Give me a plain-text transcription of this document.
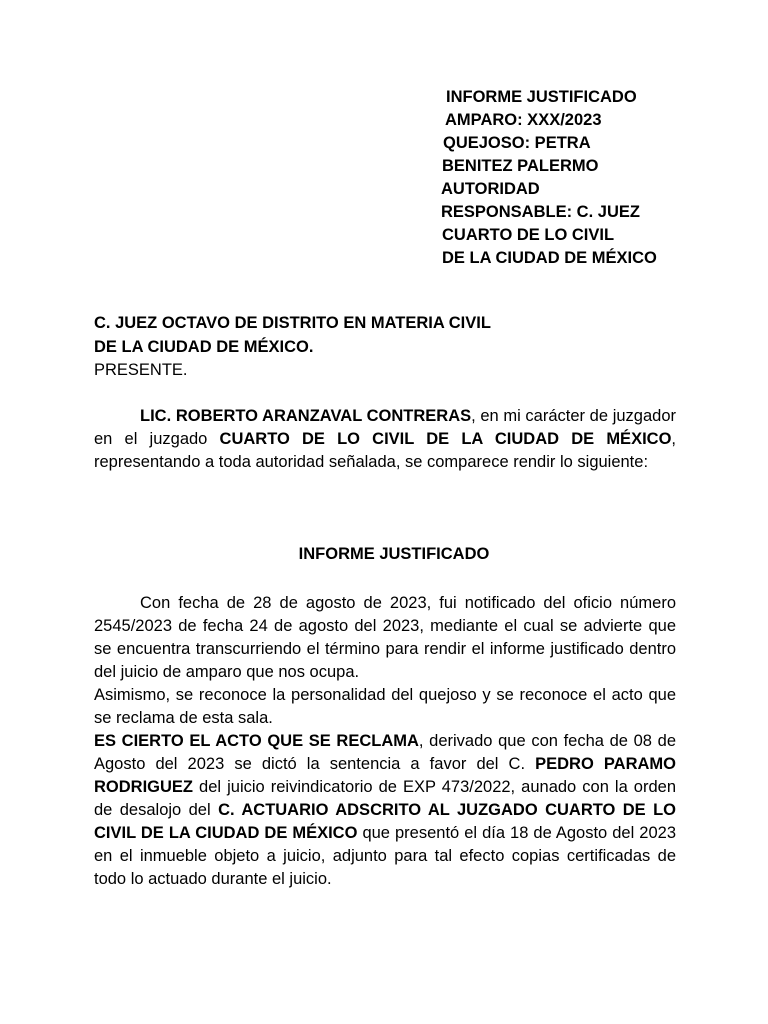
INFORME JUSTIFICADO
AMPARO: XXX/2023
QUEJOSO: PETRA
BENITEZ PALERMO
AUTORIDAD
RESPONSABLE: C. JUEZ
CUARTO DE LO CIVIL
DE LA CIUDAD DE MÉXICO
C. JUEZ OCTAVO DE DISTRITO EN MATERIA CIVIL
DE LA CIUDAD DE MÉXICO.
PRESENTE.

LIC. ROBERTO ARANZAVAL CONTRERAS, en mi carácter de juzgador en el juzgado CUARTO DE LO CIVIL DE LA CIUDAD DE MÉXICO, representando a toda autoridad señalada, se comparece rendir lo siguiente:

INFORME JUSTIFICADO

Con fecha de 28 de agosto de 2023, fui notificado del oficio número 2545/2023 de fecha 24 de agosto del 2023, mediante el cual se advierte que se encuentra transcurriendo el término para rendir el informe justificado dentro del juicio de amparo que nos ocupa.

Asimismo, se reconoce la personalidad del quejoso y se reconoce el acto que se reclama de esta sala.

ES CIERTO EL ACTO QUE SE RECLAMA, derivado que con fecha de 08 de Agosto del 2023 se dictó la sentencia a favor del C. PEDRO PARAMO RODRIGUEZ del juicio reivindicatorio de EXP 473/2022, aunado con la orden de desalojo del C. ACTUARIO ADSCRITO AL JUZGADO CUARTO DE LO CIVIL DE LA CIUDAD DE MÉXICO que presentó el día 18 de Agosto del 2023 en el inmueble objeto a juicio, adjunto para tal efecto copias certificadas de todo lo actuado durante el juicio.
